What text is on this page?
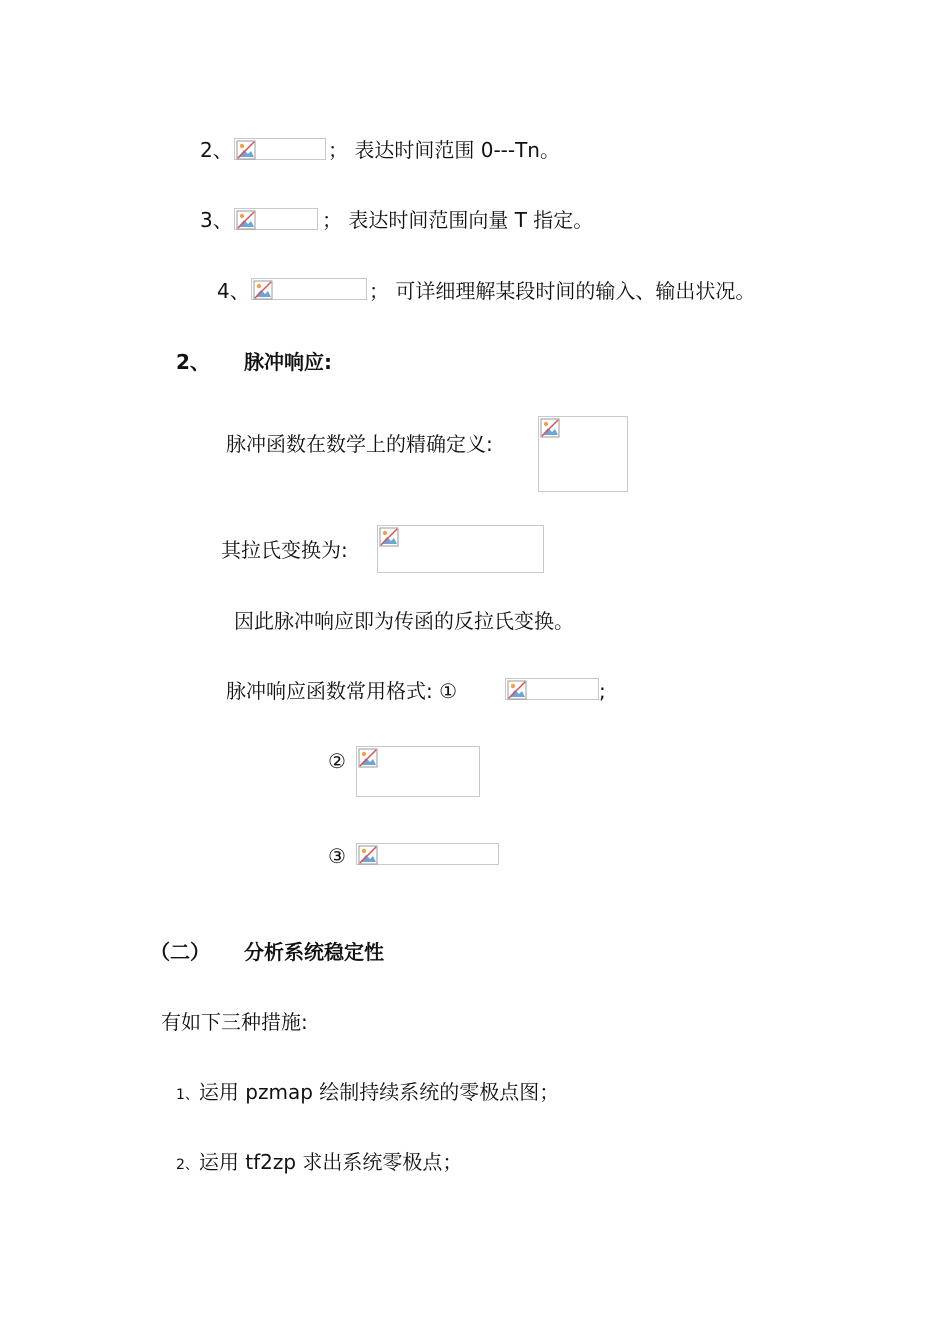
2、	； 表达时间范围 0---Tn。
3、	； 表达时间范围向量 T 指定。
4、	； 可详细理解某段时间的输入、输出状况。
2、 脉冲响应:
脉冲函数在数学上的精确定义:
其拉氏变换为:
因此脉冲响应即为传函的反拉氏变换。
脉冲响应函数常用格式: ①	;
②
③
（二） 分析系统稳定性
有如下三种措施:
1、运用 pzmap 绘制持续系统的零极点图；
2、运用 tf2zp 求出系统零极点；
